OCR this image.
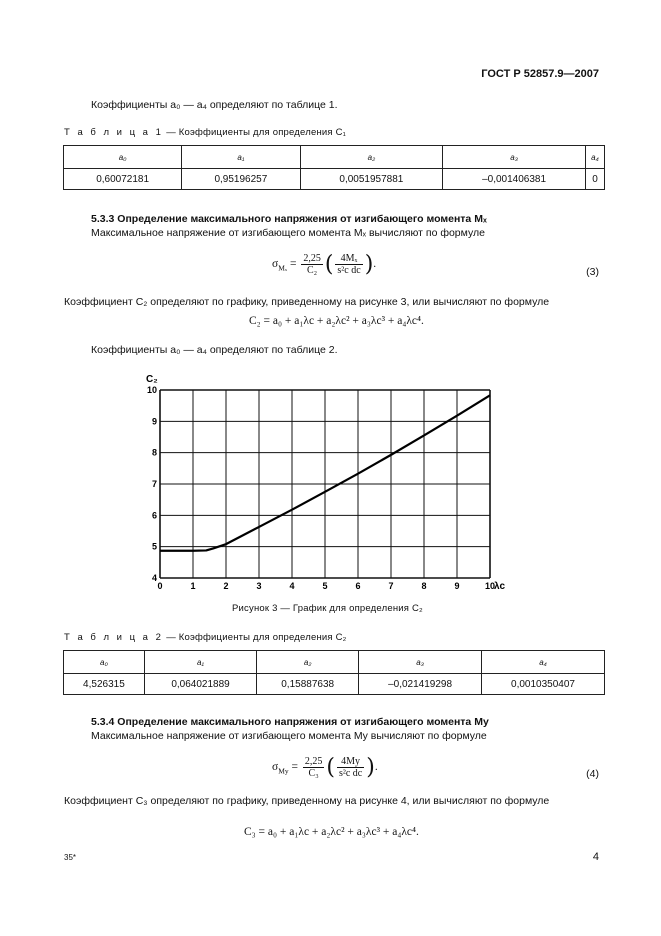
ГОСТ Р 52857.9—2007
Коэффициенты a₀ — a₄ определяют по таблице 1.
Т а б л и ц а 1 — Коэффициенты для определения C₁
a₀	a₁	a₂	a₃	a₄
0,60072181	0,95196257	0,0051957881	–0,001406381	0
5.3.3 Определение максимального напряжения от изгибающего момента Mₓ
Максимальное напряжение от изгибающего момента Mₓ вычисляют по формуле
$\sigma_{M_x} = \frac{2,25}{\text{C₂}}$ ( $\frac{\text{4Mₓ}}{\text{s²c dc}}$ ).
(3)
Коэффициент C₂ определяют по графику, приведенному на рисунке 3, или вычисляют по формуле
C₂ = a₀ + a₁λc + a₂λc² + a₃λc³ + a₄λc⁴.
Коэффициенты a₀ — a₄ определяют по таблице 2.
0	1	2	3	4	5	6	7	8	9	10
4
5
6
7
8
9
10
C₂
λc
Рисунок 3 — График для определения C₂
Т а б л и ц а 2 — Коэффициенты для определения C₂
a₀	a₁	a₂	a₃	a₄
4,526315	0,064021889	0,15887638	–0,021419298	0,0010350407
5.3.4 Определение максимального напряжения от изгибающего момента My
Максимальное напряжение от изгибающего момента My вычисляют по формуле
$\sigma_{My} = \frac{2,25}{\text{C₃}}$ ( $\frac{4My}{\text{s²c dc}}$ ).
(4)
Коэффициент C₃ определяют по графику, приведенному на рисунке 4, или вычисляют по формуле
C₃ = a₀ + a₁λc + a₂λc² + a₃λc³ + a₄λc⁴.
35*	4
